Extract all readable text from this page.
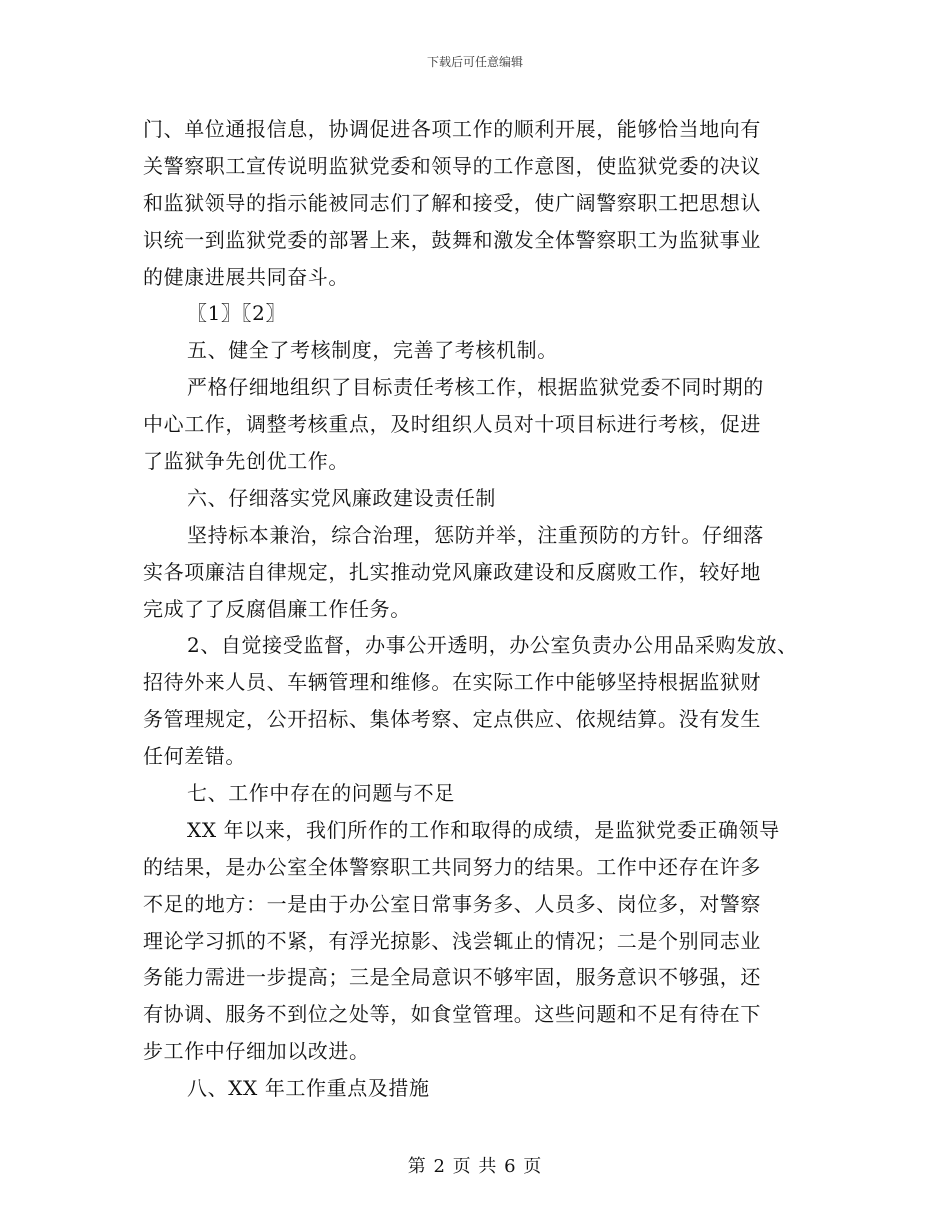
下载后可任意编辑
门、单位通报信息，协调促进各项工作的顺利开展，能够恰当地向有
关警察职工宣传说明监狱党委和领导的工作意图，使监狱党委的决议
和监狱领导的指示能被同志们了解和接受，使广阔警察职工把思想认
识统一到监狱党委的部署上来，鼓舞和激发全体警察职工为监狱事业
的健康进展共同奋斗。
〖1〗〖2〗
五、健全了考核制度，完善了考核机制。
严格仔细地组织了目标责任考核工作，根据监狱党委不同时期的
中心工作，调整考核重点，及时组织人员对十项目标进行考核，促进
了监狱争先创优工作。
六、仔细落实党风廉政建设责任制
坚持标本兼治，综合治理，惩防并举，注重预防的方针。仔细落
实各项廉洁自律规定，扎实推动党风廉政建设和反腐败工作，较好地
完成了了反腐倡廉工作任务。
2、自觉接受监督，办事公开透明，办公室负责办公用品采购发放、
招待外来人员、车辆管理和维修。在实际工作中能够坚持根据监狱财
务管理规定，公开招标、集体考察、定点供应、依规结算。没有发生
任何差错。
七、工作中存在的问题与不足
XX 年以来，我们所作的工作和取得的成绩，是监狱党委正确领导
的结果，是办公室全体警察职工共同努力的结果。工作中还存在许多
不足的地方：一是由于办公室日常事务多、人员多、岗位多，对警察
理论学习抓的不紧，有浮光掠影、浅尝辄止的情况；二是个别同志业
务能力需进一步提高；三是全局意识不够牢固，服务意识不够强，还
有协调、服务不到位之处等，如食堂管理。这些问题和不足有待在下
步工作中仔细加以改进。
八、XX 年工作重点及措施
第 2 页 共 6 页
